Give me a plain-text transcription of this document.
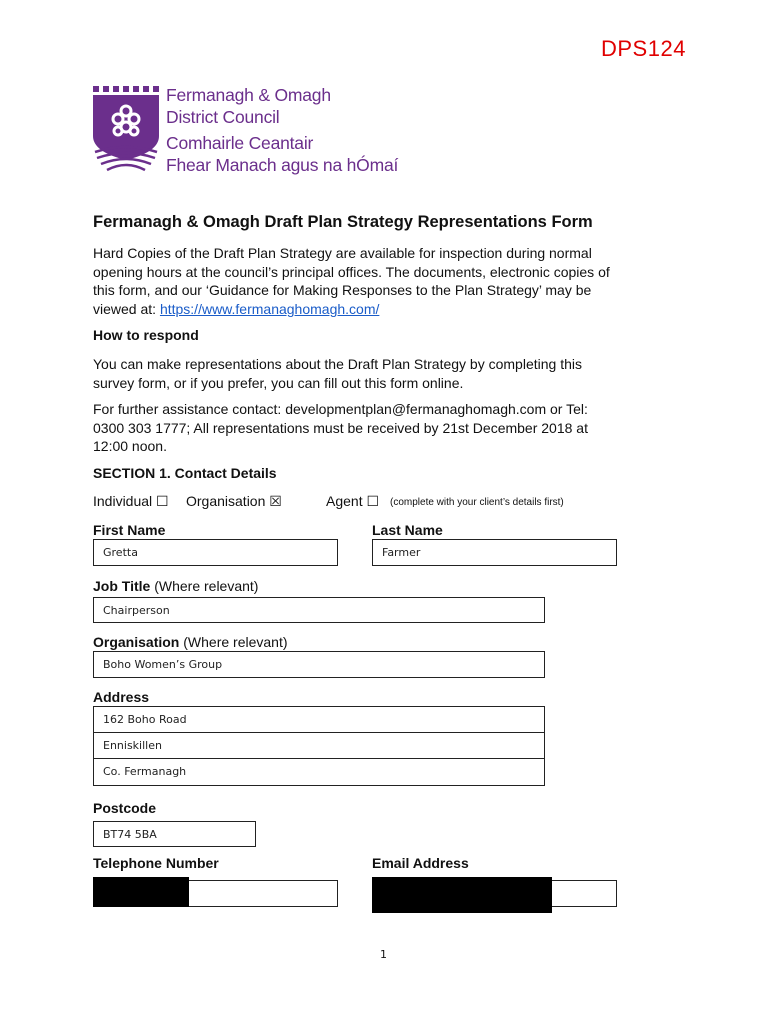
DPS124
Fermanagh & Omagh
District Council
Comhairle Ceantair
Fhear Manach agus na hÓmaí
Fermanagh & Omagh Draft Plan Strategy Representations Form
Hard Copies of the Draft Plan Strategy are available for inspection during normal
opening hours at the council’s principal offices. The documents, electronic copies of
this form, and our ‘Guidance for Making Responses to the Plan Strategy’ may be
viewed at: https://www.fermanaghomagh.com/
How to respond
You can make representations about the Draft Plan Strategy by completing this
survey form, or if you prefer, you can fill out this form online.
For further assistance contact: developmentplan@fermanaghomagh.com or Tel:
0300 303 1777; All representations must be received by 21st December 2018 at
12:00 noon.
SECTION 1. Contact Details
Individual ☐ Organisation ☒	Agent ☐ (complete with your client’s details first)
First Name	Last Name
Gretta	Farmer
Job Title (Where relevant)
Chairperson
Organisation (Where relevant)
Boho Women’s Group
Address
162 Boho Road
Enniskillen
Co. Fermanagh
Postcode
BT74 5BA
Telephone Number	Email Address
1
